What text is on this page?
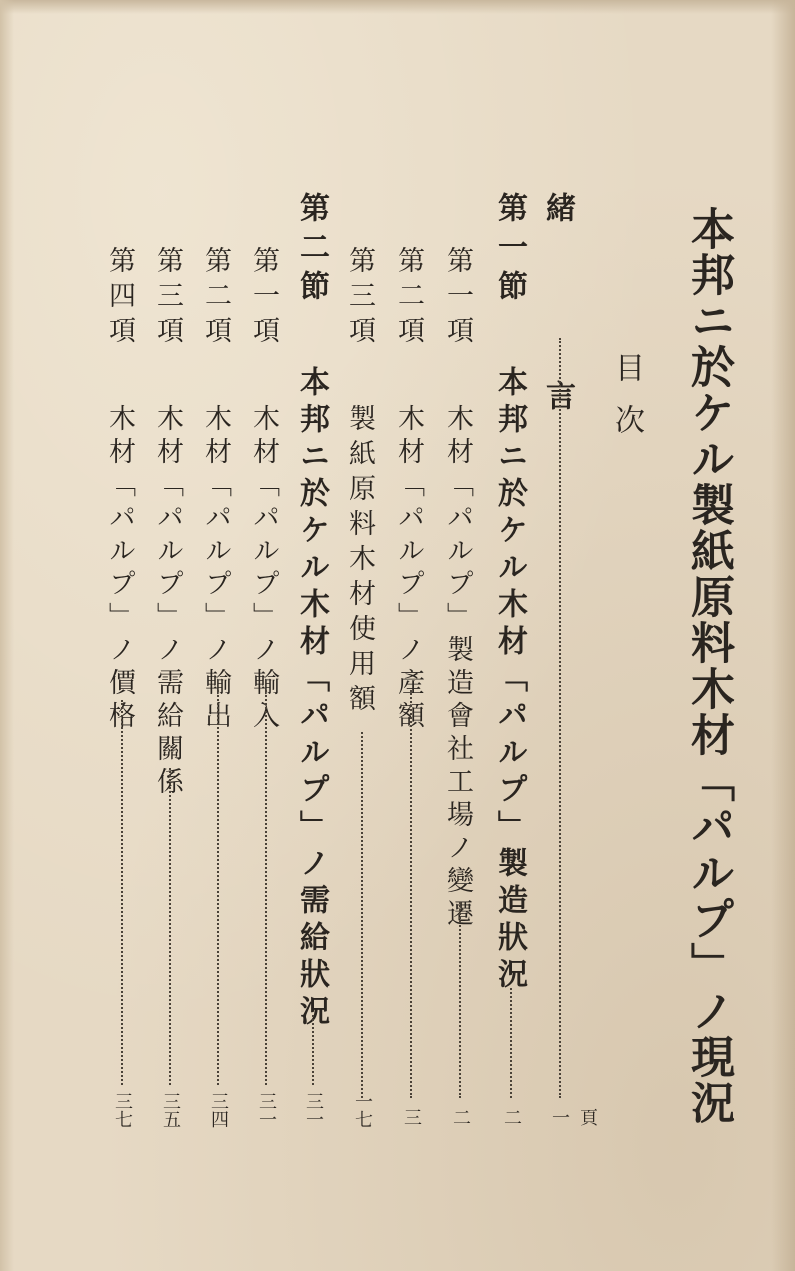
本邦ニ於ケル製紙原料木材「パルプ」ノ現況
目次
緒　言
一 頁
第一節
本邦ニ於ケル木材「パルプ」製造狀況
二
第一項
木材「パルプ」製造會社工場ノ變遷
二
第二項
木材「パルプ」ノ產額
三
第三項
製紙原料木材使用額
一七
第二節
本邦ニ於ケル木材「パルプ」ノ需給狀況
三一
第一項
木材「パルプ」ノ輸入
三一
第二項
木材「パルプ」ノ輸出
三四
第三項
木材「パルプ」ノ需給關係
三五
第四項
木材「パルプ」ノ價格
三七
